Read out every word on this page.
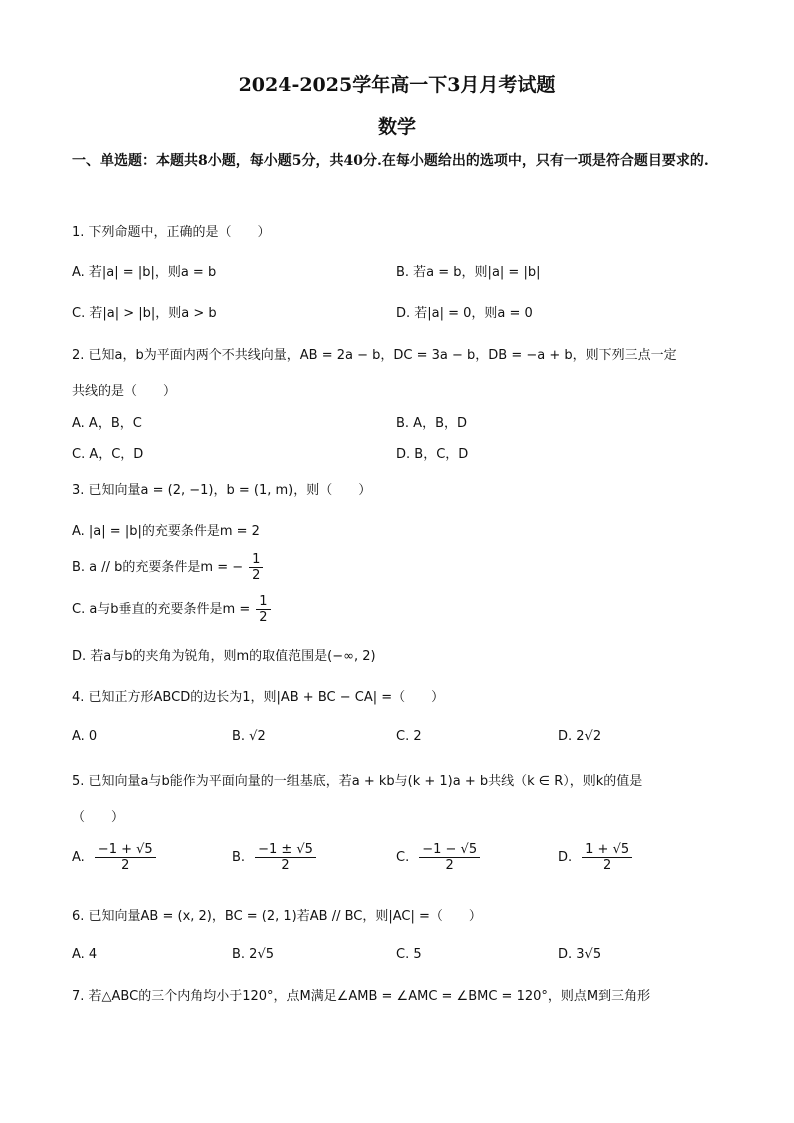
2024-2025学年高一下3月月考试题
数学
一、单选题：本题共8小题，每小题5分，共40分.在每小题给出的选项中，只有一项是符合题目要求的.
1. 下列命题中，正确的是（　　）
A. 若|a| = |b|，则a = b	B. 若a = b，则|a| = |b|
C. 若|a| > |b|，则a > b	D. 若|a| = 0，则a = 0
2. 已知a，b为平面内两个不共线向量，AB = 2a − b，DC = 3a − b，DB = −a + b，则下列三点一定
共线的是（　　）
A. A，B，C	B. A，B，D
C. A，C，D	D. B，C，D
3. 已知向量a = (2, −1)，b = (1, m)，则（　　）
A. |a| = |b|的充要条件是m = 2
B. a // b的充要条件是m = − $\frac{1}{2}$
C. a与b垂直的充要条件是$m = \frac{1}{2}$
D. 若a与b的夹角为锐角，则m的取值范围是(−∞, 2)
4. 已知正方形ABCD的边长为1，则|AB + BC − CA| =（　　）
A. 0	B. √2	C. 2	D. 2√2
5. 已知向量a与b能作为平面向量的一组基底，若a + kb与(k + 1)a + b共线（k ∈ R），则k的值是
（　　）
A. $\frac{-1 + √5}{2}$	B. $\frac{-1 \pm √5}{2}$	C. $\frac{-1 - √5}{2}$	D. $\frac{1 + √5}{2}$
6. 已知向量AB = (x, 2)，BC = (2, 1)若AB // BC，则|AC| =（　　）
A. 4	B. 2√5	C. 5	D. 3√5
7. 若△ABC的三个内角均小于120°，点M满足∠AMB = ∠AMC = ∠BMC = 120°，则点M到三角形
